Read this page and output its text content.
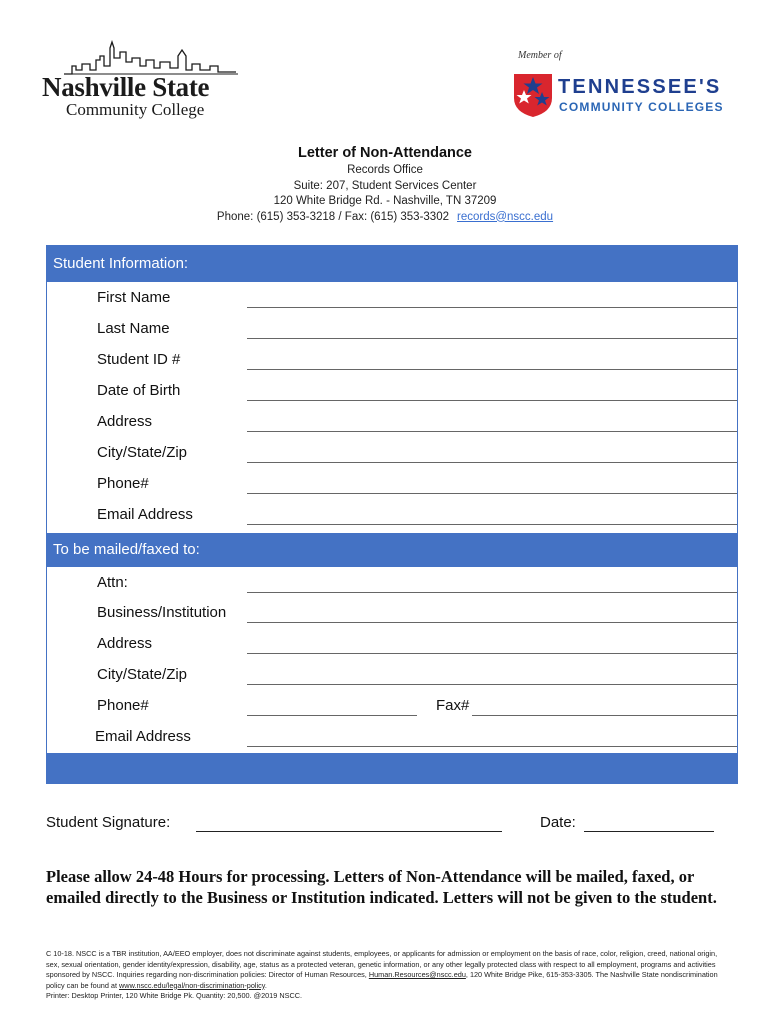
Nashville State
Community College
Member of
TENNESSEE'S
COMMUNITY COLLEGES
Letter of Non-Attendance
Records Office
Suite: 207, Student Services Center
120 White Bridge Rd. - Nashville, TN 37209
Phone: (615) 353-3218 / Fax: (615) 353-3302 records@nscc.edu
Student Information:
First Name
Last Name
Student ID #
Date of Birth
Address
City/State/Zip
Phone#
Email Address
To be mailed/faxed to:
Attn:
Business/Institution
Address
City/State/Zip
Phone#	Fax#
Email Address
Student Signature:	Date:
Please allow 24-48 Hours for processing. Letters of Non-Attendance will be mailed, faxed, or emailed directly to the Business or Institution indicated. Letters will not be given to the student.
C 10-18. NSCC is a TBR institution, AA/EEO employer, does not discriminate against students, employees, or applicants for admission or employment on the basis of race, color, religion, creed, national origin, sex, sexual orientation, gender identity/expression, disability, age, status as a protected veteran, genetic information, or any other legally protected class with respect to all employment, programs and activities sponsored by NSCC. Inquiries regarding non-discrimination policies: Director of Human Resources, Human.Resources@nscc.edu, 120 White Bridge Pike, 615-353-3305. The Nashville State nondiscrimination policy can be found at www.nscc.edu/legal/non-discrimination-policy.
Printer: Desktop Printer, 120 White Bridge Pk. Quantity: 20,500. @2019 NSCC.
